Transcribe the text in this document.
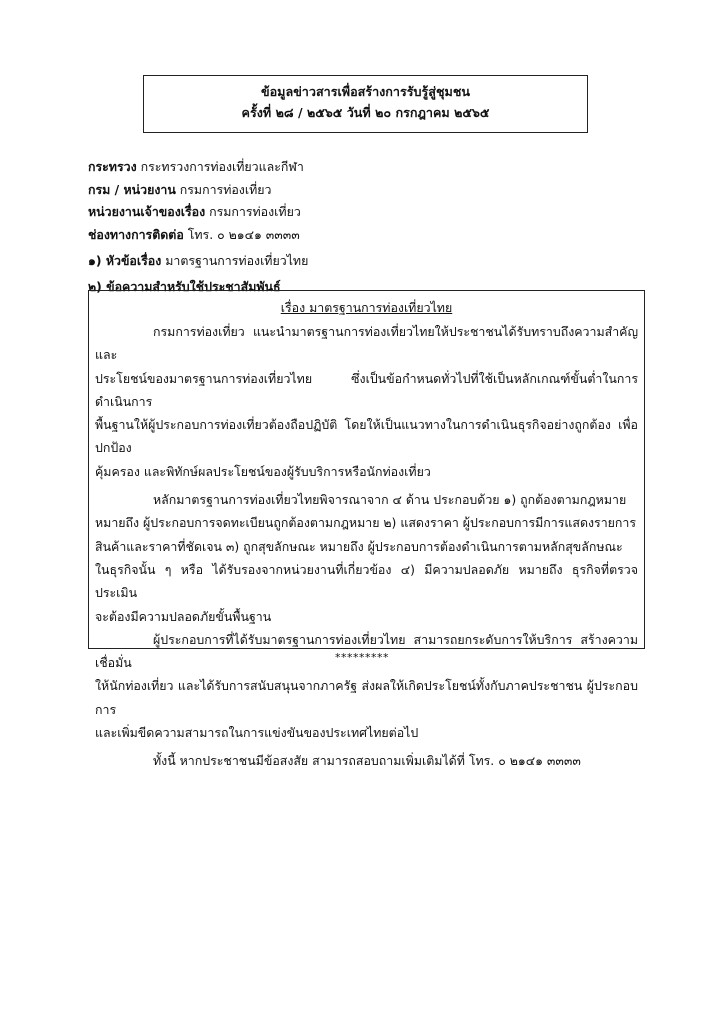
ข้อมูลข่าวสารเพื่อสร้างการรับรู้สู่ชุมชน
ครั้งที่ ๒๘ / ๒๕๖๕ วันที่ ๒๐ กรกฎาคม ๒๕๖๕
กระทรวง กระทรวงการท่องเที่ยวและกีฬา
กรม / หน่วยงาน กรมการท่องเที่ยว
หน่วยงานเจ้าของเรื่อง กรมการท่องเที่ยว
ช่องทางการติดต่อ โทร. ๐ ๒๑๔๑ ๓๓๓๓
๑) หัวข้อเรื่อง มาตรฐานการท่องเที่ยวไทย
๒) ข้อความสำหรับใช้ประชาสัมพันธ์
เรื่อง มาตรฐานการท่องเที่ยวไทย

กรมการท่องเที่ยว แนะนำมาตรฐานการท่องเที่ยวไทยให้ประชาชนได้รับทราบถึงความสำคัญและ
ประโยชน์ของมาตรฐานการท่องเที่ยวไทย ซึ่งเป็นข้อกำหนดทั่วไปที่ใช้เป็นหลักเกณฑ์ขั้นต่ำในการดำเนินการ
พื้นฐานให้ผู้ประกอบการท่องเที่ยวต้องถือปฏิบัติ โดยให้เป็นแนวทางในการดำเนินธุรกิจอย่างถูกต้อง เพื่อปกป้อง
คุ้มครอง และพิทักษ์ผลประโยชน์ของผู้รับบริการหรือนักท่องเที่ยว

หลักมาตรฐานการท่องเที่ยวไทยพิจารณาจาก ๔ ด้าน ประกอบด้วย ๑) ถูกต้องตามกฎหมาย
หมายถึง ผู้ประกอบการจดทะเบียนถูกต้องตามกฎหมาย ๒) แสดงราคา ผู้ประกอบการมีการแสดงรายการ
สินค้าและราคาที่ชัดเจน ๓) ถูกสุขลักษณะ หมายถึง ผู้ประกอบการต้องดำเนินการตามหลักสุขลักษณะ
ในธุรกิจนั้น ๆ หรือ ได้รับรองจากหน่วยงานที่เกี่ยวข้อง ๔) มีความปลอดภัย หมายถึง ธุรกิจที่ตรวจประเมิน
จะต้องมีความปลอดภัยขั้นพื้นฐาน

ผู้ประกอบการที่ได้รับมาตรฐานการท่องเที่ยวไทย สามารถยกระดับการให้บริการ สร้างความเชื่อมั่น
ให้นักท่องเที่ยว และได้รับการสนับสนุนจากภาครัฐ ส่งผลให้เกิดประโยชน์ทั้งกับภาคประชาชน ผู้ประกอบการ
และเพิ่มขีดความสามารถในการแข่งขันของประเทศไทยต่อไป

ทั้งนี้ หากประชาชนมีข้อสงสัย สามารถสอบถามเพิ่มเติมได้ที่ โทร. ๐ ๒๑๔๑ ๓๓๓๓

*********
